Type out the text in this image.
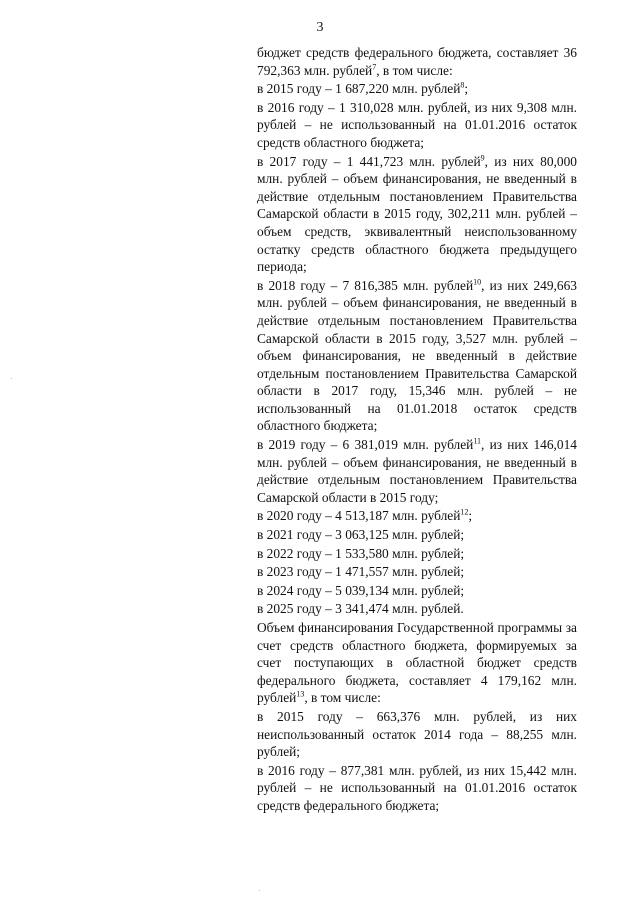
3

бюджет средств федерального бюджета, составляет 36 792,363 млн. рублей$^7$, в том числе:

в 2015 году – 1 687,220 млн. рублей$^8$;

в 2016 году – 1 310,028 млн. рублей, из них 9,308 млн. рублей – не использованный на 01.01.2016 остаток средств областного бюджета;

в 2017 году – 1 441,723 млн. рублей$^9$, из них 80,000 млн. рублей – объем финансирования, не введенный в действие отдельным постановлением Правительства Самарской области в 2015 году, 302,211 млн. рублей – объем средств, эквивалентный неиспользованному остатку средств областного бюджета предыдущего периода;

в 2018 году – 7 816,385 млн. рублей$^{10}$, из них 249,663 млн. рублей – объем финансирования, не введенный в действие отдельным постановлением Правительства Самарской области в 2015 году, 3,527 млн. рублей – объем финансирования, не введенный в действие отдельным постановлением Правительства Самарской области в 2017 году, 15,346 млн. рублей – не использованный на 01.01.2018 остаток средств областного бюджета;

в 2019 году – 6 381,019 млн. рублей$^{11}$, из них 146,014 млн. рублей – объем финансирования, не введенный в действие отдельным постановлением Правительства Самарской области в 2015 году;

в 2020 году – 4 513,187 млн. рублей$^{12}$;

в 2021 году – 3 063,125 млн. рублей;

в 2022 году – 1 533,580 млн. рублей;

в 2023 году – 1 471,557 млн. рублей;

в 2024 году – 5 039,134 млн. рублей;

в 2025 году – 3 341,474 млн. рублей.

Объем финансирования Государственной программы за счет средств областного бюджета, формируемых за счет поступающих в областной бюджет средств федерального бюджета, составляет 4 179,162 млн. рублей$^{13}$, в том числе:

в 2015 году – 663,376 млн. рублей, из них неиспользованный остаток 2014 года – 88,255 млн. рублей;

в 2016 году – 877,381 млн. рублей, из них 15,442 млн. рублей – не использованный на 01.01.2016 остаток средств федерального бюджета;

·
·
